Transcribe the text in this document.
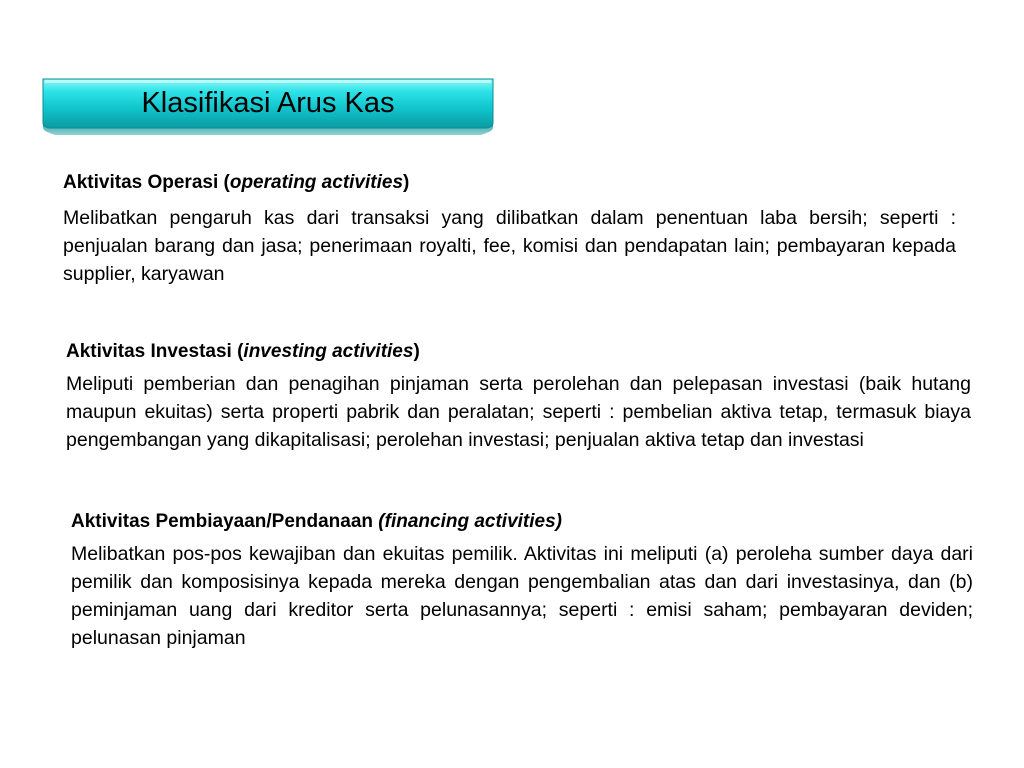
Klasifikasi Arus Kas
Aktivitas Operasi (operating activities)
Melibatkan pengaruh kas dari transaksi yang dilibatkan dalam penentuan laba bersih; seperti : penjualan barang dan jasa; penerimaan royalti, fee, komisi dan pendapatan lain; pembayaran kepada supplier, karyawan
Aktivitas Investasi (investing activities)
Meliputi pemberian dan penagihan pinjaman serta perolehan dan pelepasan investasi (baik hutang maupun ekuitas) serta properti pabrik dan peralatan; seperti : pembelian aktiva tetap, termasuk biaya pengembangan yang dikapitalisasi; perolehan investasi; penjualan aktiva tetap dan investasi
Aktivitas Pembiayaan/Pendanaan (financing activities)
Melibatkan pos-pos kewajiban dan ekuitas pemilik. Aktivitas ini meliputi (a) peroleha sumber daya dari pemilik dan komposisinya kepada mereka dengan pengembalian atas dan dari investasinya, dan (b) peminjaman uang dari kreditor serta pelunasannya; seperti : emisi saham; pembayaran deviden; pelunasan pinjaman
